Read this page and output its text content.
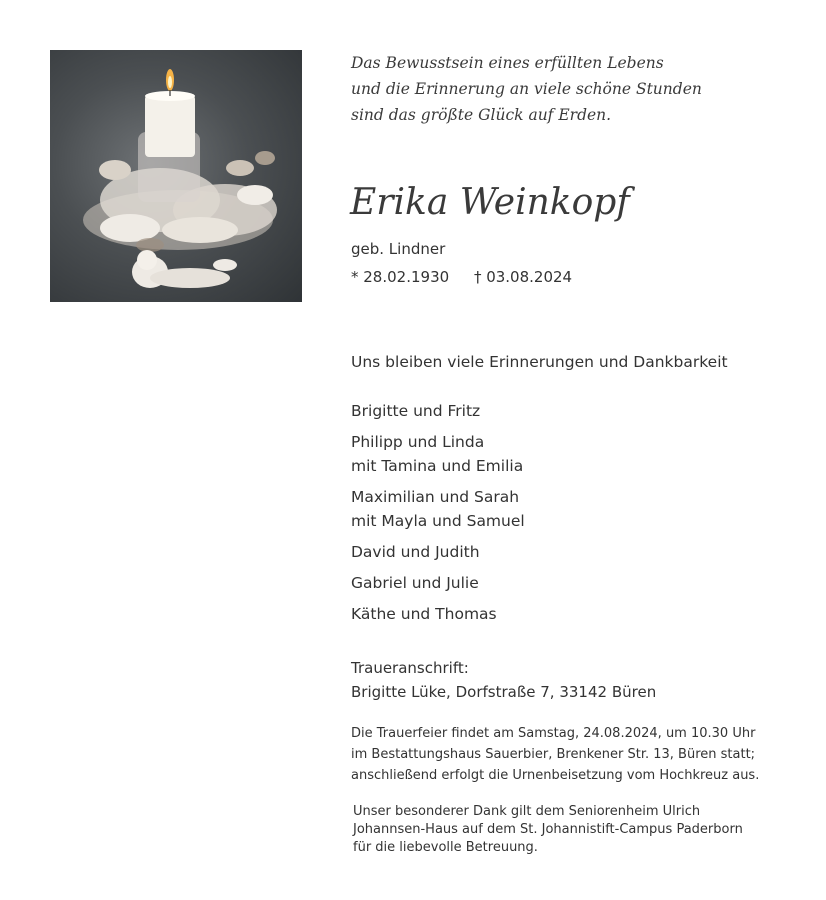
Das Bewusstsein eines erfüllten Lebens
und die Erinnerung an viele schöne Stunden
sind das größte Glück auf Erden.
Erika Weinkopf
geb. Lindner
* 28.02.1930 † 03.08.2024
Uns bleiben viele Erinnerungen und Dankbarkeit
Brigitte und Fritz
Philipp und Linda
mit Tamina und Emilia
Maximilian und Sarah
mit Mayla und Samuel
David und Judith
Gabriel und Julie
Käthe und Thomas
Traueranschrift:
Brigitte Lüke, Dorfstraße 7, 33142 Büren
Die Trauerfeier findet am Samstag, 24.08.2024, um 10.30 Uhr
im Bestattungshaus Sauerbier, Brenkener Str. 13, Büren statt;
anschließend erfolgt die Urnenbeisetzung vom Hochkreuz aus.
Unser besonderer Dank gilt dem Seniorenheim Ulrich
Johannsen-Haus auf dem St. Johannistift-Campus Paderborn
für die liebevolle Betreuung.
